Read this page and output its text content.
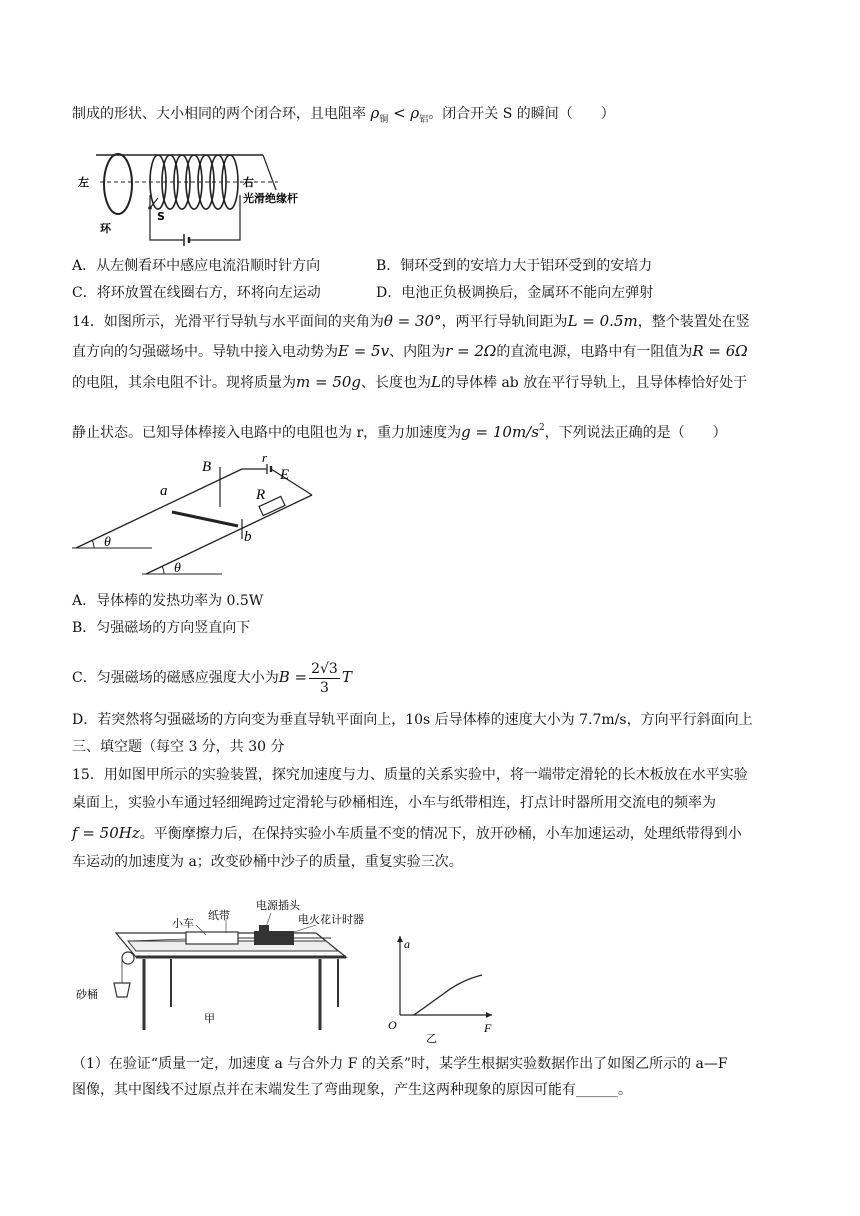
制成的形状、大小相同的两个闭合环，且电阻率 $\rho_铜 < \rho_铝$。闭合开关 S 的瞬间（　　）
左	右
光滑绝缘杆
环
S
A．从左侧看环中感应电流沿顺时针方向	B．铜环受到的安培力大于铝环受到的安培力
C．将环放置在线圈右方，环将向左运动	D．电池正负极调换后，金属环不能向左弹射
14．如图所示，光滑平行导轨与水平面间的夹角为θ = 30°，两平行导轨间距为L = 0.5m，整个装置处在竖
直方向的匀强磁场中。导轨中接入电动势为E = 5v、内阻为r = 2Ω的直流电源，电路中有一阻值为R = 6Ω
的电阻，其余电阻不计。现将质量为m = 50g、长度也为L的导体棒 ab 放在平行导轨上，且导体棒恰好处于
静止状态。已知导体棒接入电路中的电阻也为 r，重力加速度为$g = 10m/s^2$，下列说法正确的是（　　）
B
r
E
R
a
b
θ
θ
A．导体棒的发热功率为 0.5W
B．匀强磁场的方向竖直向下
C．匀强磁场的磁感应强度大小为$B = \frac{2√3}{3}$ T
D．若突然将匀强磁场的方向变为垂直导轨平面向上，10s 后导体棒的速度大小为 7.7m/s，方向平行斜面向上
三、填空题（每空 3 分，共 30 分
15．用如图甲所示的实验装置，探究加速度与力、质量的关系实验中，将一端带定滑轮的长木板放在水平实验
桌面上，实验小车通过轻细绳跨过定滑轮与砂桶相连，小车与纸带相连，打点计时器所用交流电的频率为
f = 50Hz。平衡摩擦力后，在保持实验小车质量不变的情况下，放开砂桶，小车加速运动，处理纸带得到小
车运动的加速度为 a；改变砂桶中沙子的质量，重复实验三次。
电源插头
纸带
小车	电火花计时器
砂桶
甲
a
F
O
乙
（1）在验证“质量一定，加速度 a 与合外力 F 的关系”时，某学生根据实验数据作出了如图乙所示的 a—F
图像，其中图线不过原点并在末端发生了弯曲现象，产生这两种现象的原因可能有______。
